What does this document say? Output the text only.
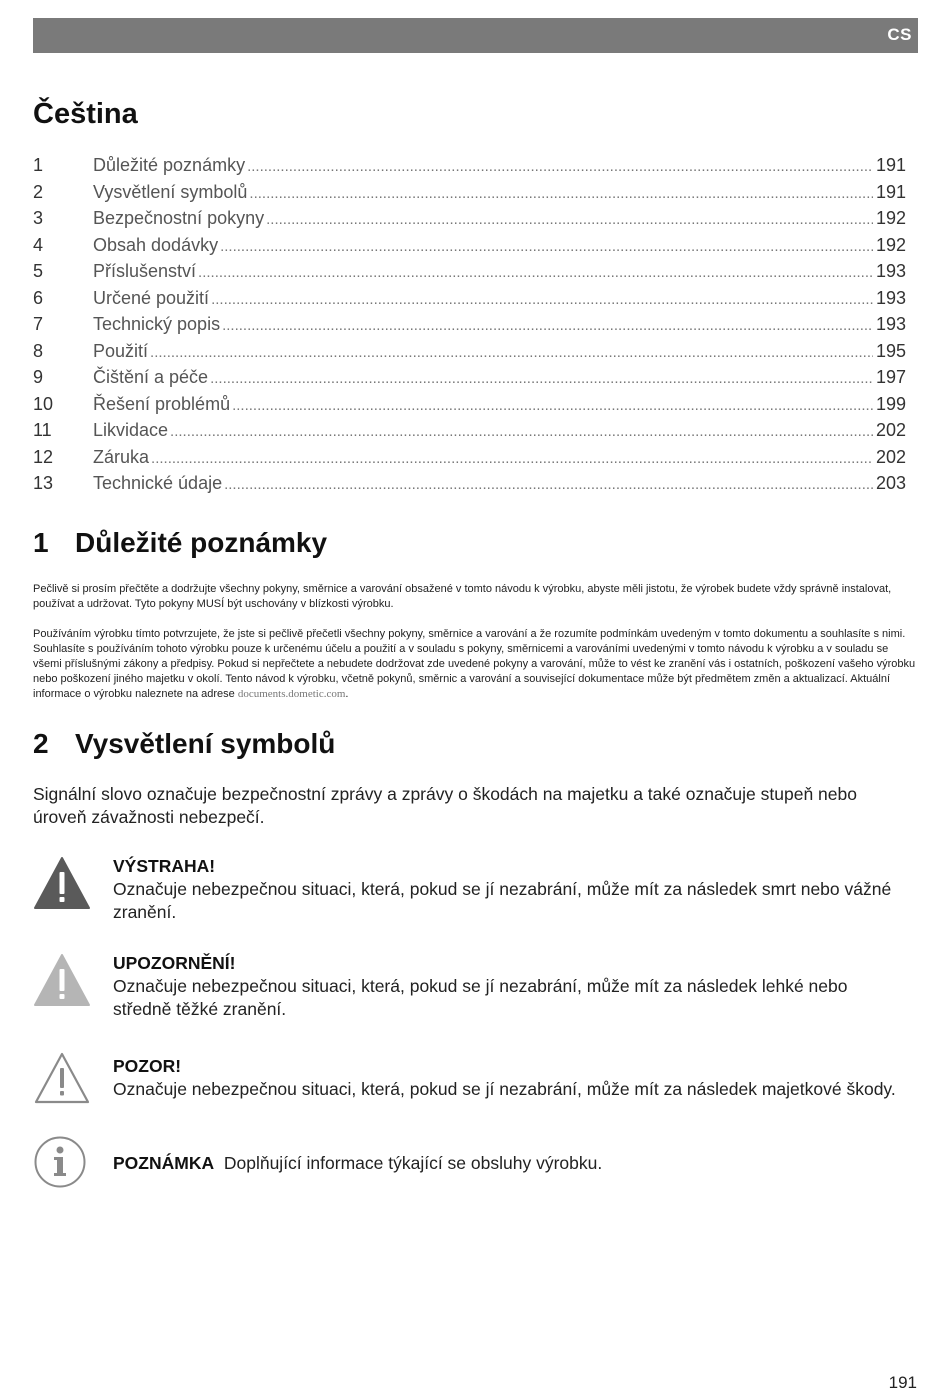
CS
Čeština
1	Důležité poznámky .....	191
2	Vysvětlení symbolů .....	191
3	Bezpečnostní pokyny .....	192
4	Obsah dodávky .....	192
5	Příslušenství .....	193
6	Určené použití .....	193
7	Technický popis .....	193
8	Použití .....	195
9	Čištění a péče .....	197
10	Řešení problémů .....	199
11	Likvidace .....	202
12	Záruka .....	202
13	Technické údaje .....	203
1 Důležité poznámky

Pečlivě si prosím přečtěte a dodržujte všechny pokyny, směrnice a varování obsažené v tomto návodu k výrobku, abyste měli jistotu, že výrobek budete vždy správně instalovat, používat a udržovat. Tyto pokyny MUSÍ být uschovány v blízkosti výrobku.

Používáním výrobku tímto potvrzujete, že jste si pečlivě přečetli všechny pokyny, směrnice a varování a že rozumíte podmínkám uvedeným v tomto dokumentu a souhlasíte s nimi. Souhlasíte s používáním tohoto výrobku pouze k určenému účelu a použití a v souladu s pokyny, směrnicemi a varováními uvedenými v tomto návodu k výrobku a v souladu se všemi příslušnými zákony a předpisy. Pokud si nepřečtete a nebudete dodržovat zde uvedené pokyny a varování, může to vést ke zranění vás i ostatních, poškození vašeho výrobku nebo poškození jiného majetku v okolí. Tento návod k výrobku, včetně pokynů, směrnic a varování a související dokumentace může být předmětem změn a aktualizací. Aktuální informace o výrobku naleznete na adrese documents.dometic.com.

2 Vysvětlení symbolů

Signální slovo označuje bezpečnostní zprávy a zprávy o škodách na majetku a také označuje stupeň nebo úroveň závažnosti nebezpečí.

VÝSTRAHA!
Označuje nebezpečnou situaci, která, pokud se jí nezabrání, může mít za následek smrt nebo vážné zranění.
UPOZORNĚNÍ!
Označuje nebezpečnou situaci, která, pokud se jí nezabrání, může mít za následek lehké nebo středně těžké zranění.
POZOR!
Označuje nebezpečnou situaci, která, pokud se jí nezabrání, může mít za následek majetkové škody.
POZNÁMKA Doplňující informace týkající se obsluhy výrobku.
191
